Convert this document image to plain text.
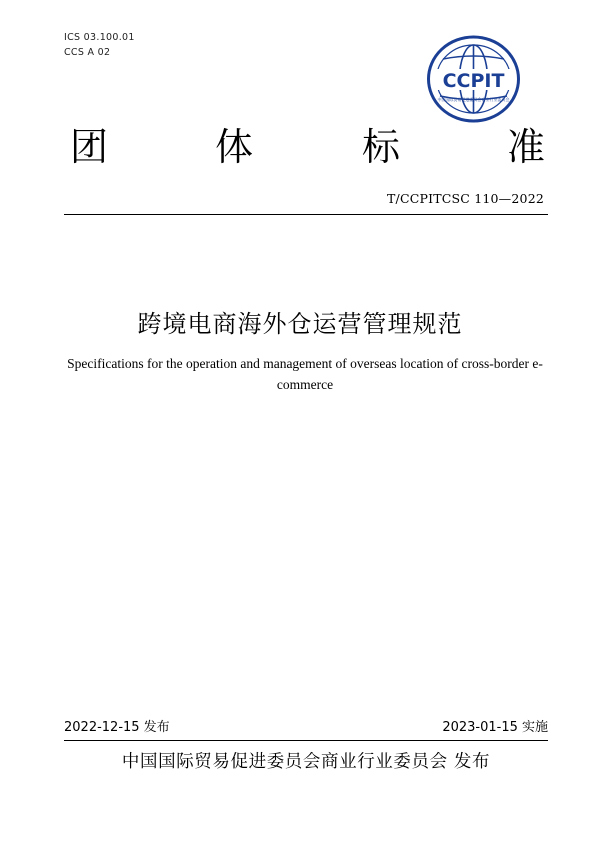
ICS 03.100.01
CCS A 02
CCPIT
中国国际贸易促进委员会商业行业委员会
团	体	标	准
T/CCPITCSC 110—2022
跨境电商海外仓运营管理规范
Specifications for the operation and management of overseas location of cross-border e-commerce
2022-12-15 发布	2023-01-15 实施
中国国际贸易促进委员会商业行业委员会 发布
